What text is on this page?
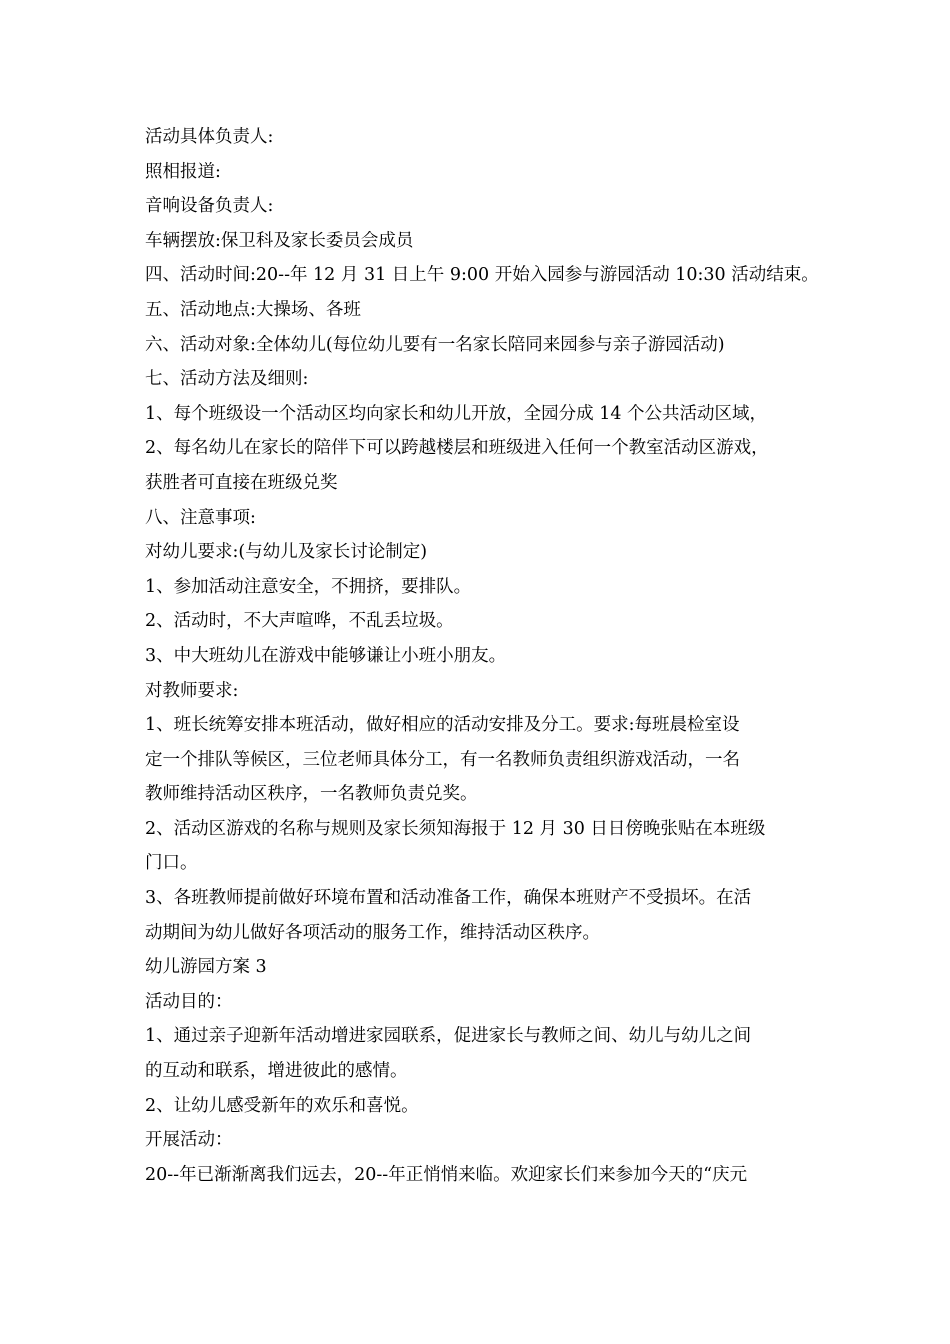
活动具体负责人:

照相报道:

音响设备负责人:

车辆摆放:保卫科及家长委员会成员

四、活动时间:20--年 12 月 31 日上午 9:00 开始入园参与游园活动 10:30 活动结束。

五、活动地点:大操场、各班

六、活动对象:全体幼儿(每位幼儿要有一名家长陪同来园参与亲子游园活动)

七、活动方法及细则:

1、每个班级设一个活动区均向家长和幼儿开放，全园分成 14 个公共活动区域，

2、每名幼儿在家长的陪伴下可以跨越楼层和班级进入任何一个教室活动区游戏，

获胜者可直接在班级兑奖

八、注意事项:

对幼儿要求:(与幼儿及家长讨论制定)

1、参加活动注意安全，不拥挤，要排队。

2、活动时，不大声喧哗，不乱丢垃圾。

3、中大班幼儿在游戏中能够谦让小班小朋友。

对教师要求:

1、班长统筹安排本班活动，做好相应的活动安排及分工。要求:每班晨检室设

定一个排队等候区，三位老师具体分工，有一名教师负责组织游戏活动，一名

教师维持活动区秩序，一名教师负责兑奖。

2、活动区游戏的名称与规则及家长须知海报于 12 月 30 日日傍晚张贴在本班级

门口。

3、各班教师提前做好环境布置和活动准备工作，确保本班财产不受损坏。在活

动期间为幼儿做好各项活动的服务工作，维持活动区秩序。

幼儿游园方案 3

活动目的：

1、通过亲子迎新年活动增进家园联系，促进家长与教师之间、幼儿与幼儿之间

的互动和联系，增进彼此的感情。

2、让幼儿感受新年的欢乐和喜悦。

开展活动：

20--年已渐渐离我们远去，20--年正悄悄来临。欢迎家长们来参加今天的“庆元
